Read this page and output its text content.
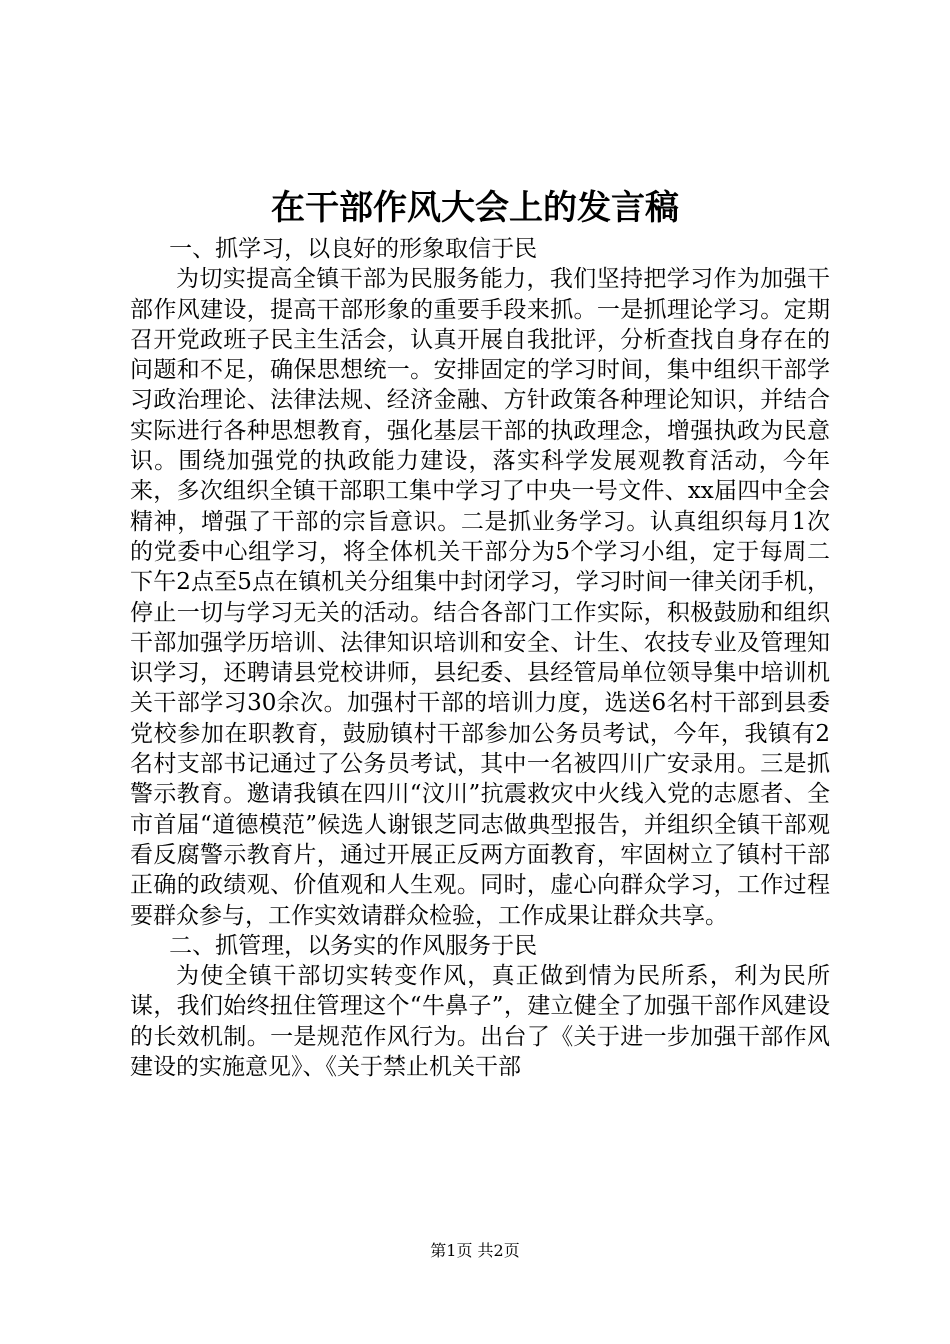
在干部作风大会上的发言稿

一、抓学习，以良好的形象取信于民

为切实提高全镇干部为民服务能力，我们坚持把学习作为加强干部作风建设，提高干部形象的重要手段来抓。一是抓理论学习。定期召开党政班子民主生活会，认真开展自我批评，分析查找自身存在的问题和不足，确保思想统一。安排固定的学习时间，集中组织干部学习政治理论、法律法规、经济金融、方针政策各种理论知识，并结合实际进行各种思想教育，强化基层干部的执政理念，增强执政为民意识。围绕加强党的执政能力建设，落实科学发展观教育活动，今年来，多次组织全镇干部职工集中学习了中央一号文件、xx届四中全会精神，增强了干部的宗旨意识。二是抓业务学习。认真组织每月1次的党委中心组学习，将全体机关干部分为5个学习小组，定于每周二下午2点至5点在镇机关分组集中封闭学习，学习时间一律关闭手机，停止一切与学习无关的活动。结合各部门工作实际，积极鼓励和组织干部加强学历培训、法律知识培训和安全、计生、农技专业及管理知识学习，还聘请县党校讲师，县纪委、县经管局单位领导集中培训机关干部学习30余次。加强村干部的培训力度，选送6名村干部到县委党校参加在职教育，鼓励镇村干部参加公务员考试，今年，我镇有2名村支部书记通过了公务员考试，其中一名被四川广安录用。三是抓警示教育。邀请我镇在四川“汶川”抗震救灾中火线入党的志愿者、全市首届“道德模范”候选人谢银芝同志做典型报告，并组织全镇干部观看反腐警示教育片，通过开展正反两方面教育，牢固树立了镇村干部正确的政绩观、价值观和人生观。同时，虚心向群众学习，工作过程要群众参与，工作实效请群众检验，工作成果让群众共享。

二、抓管理，以务实的作风服务于民

为使全镇干部切实转变作风，真正做到情为民所系，利为民所谋，我们始终扭住管理这个“牛鼻子”，建立健全了加强干部作风建设的长效机制。一是规范作风行为。出台了《关于进一步加强干部作风建设的实施意见》、《关于禁止机关干部

第1页 共2页
